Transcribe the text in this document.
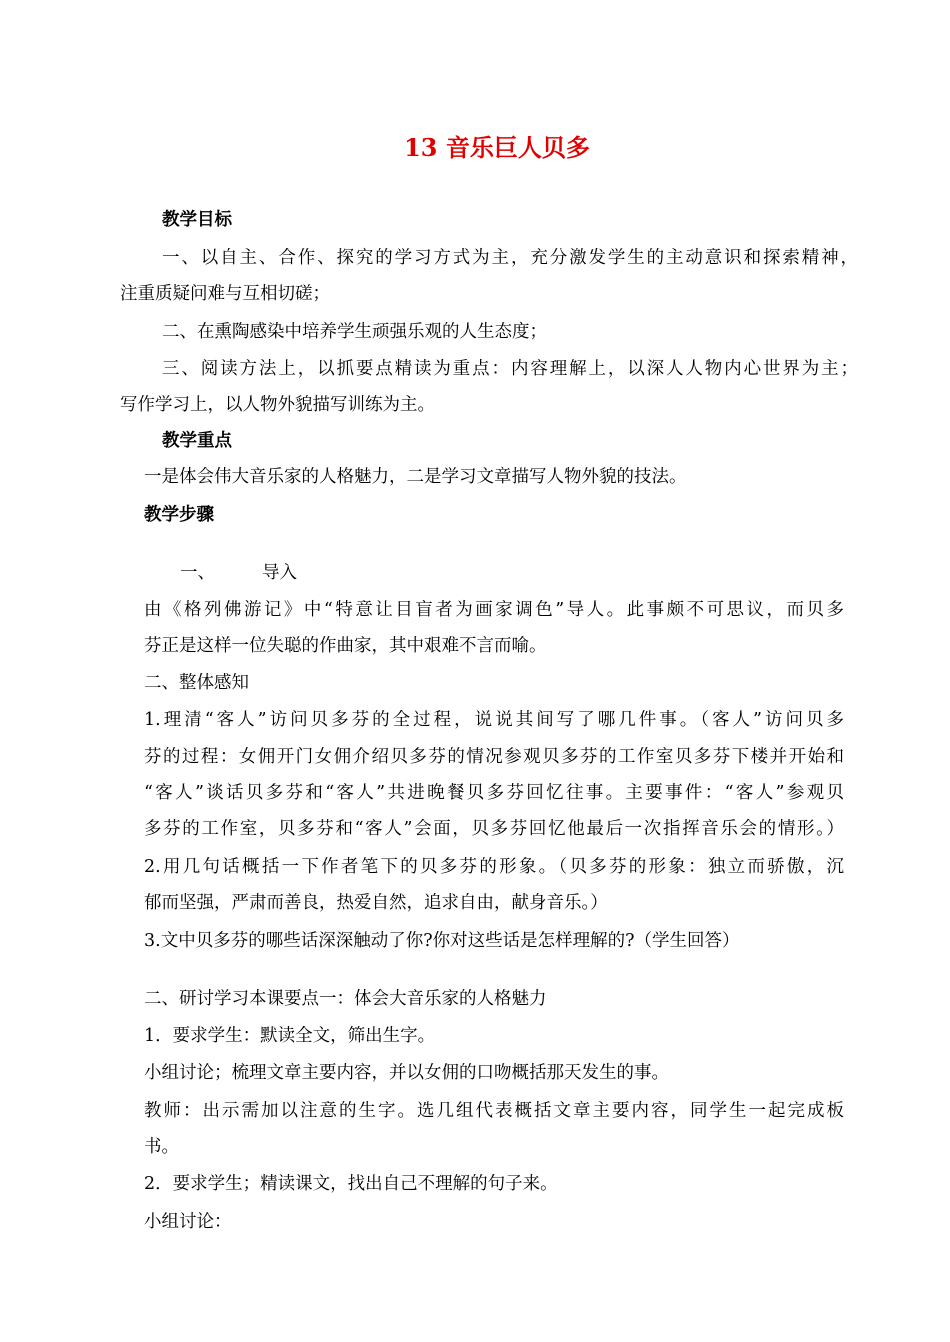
13 音乐巨人贝多
教学目标
一、以自主、合作、探究的学习方式为主，充分激发学生的主动意识和探索精神，
注重质疑问难与互相切磋；
二、在熏陶感染中培养学生顽强乐观的人生态度；
三、阅读方法上，以抓要点精读为重点：内容理解上，以深人人物内心世界为主；
写作学习上，以人物外貌描写训练为主。
教学重点
一是体会伟大音乐家的人格魅力，二是学习文章描写人物外貌的技法。
教学步骤
一、	导入
由《格列佛游记》中“特意让目盲者为画家调色”导人。此事颇不可思议，而贝多
芬正是这样一位失聪的作曲家，其中艰难不言而喻。
二、整体感知
1.理清“客人”访问贝多芬的全过程，说说其间写了哪几件事。（客人”访问贝多
芬的过程：女佣开门女佣介绍贝多芬的情况参观贝多芬的工作室贝多芬下楼并开始和
“客人”谈话贝多芬和“客人”共进晚餐贝多芬回忆往事。主要事件：“客人”参观贝
多芬的工作室，贝多芬和“客人”会面，贝多芬回忆他最后一次指挥音乐会的情形。）
2.用几句话概括一下作者笔下的贝多芬的形象。（贝多芬的形象：独立而骄傲，沉
郁而坚强，严肃而善良，热爱自然，追求自由，献身音乐。）
3.文中贝多芬的哪些话深深触动了你?你对这些话是怎样理解的?（学生回答）
二、研讨学习本课要点一：体会大音乐家的人格魅力
1．要求学生：默读全文，筛出生字。
小组讨论；梳理文章主要内容，并以女佣的口吻概括那天发生的事。
教师：出示需加以注意的生字。选几组代表概括文章主要内容，同学生一起完成板
书。
2．要求学生；精读课文，找出自己不理解的句子来。
小组讨论：
